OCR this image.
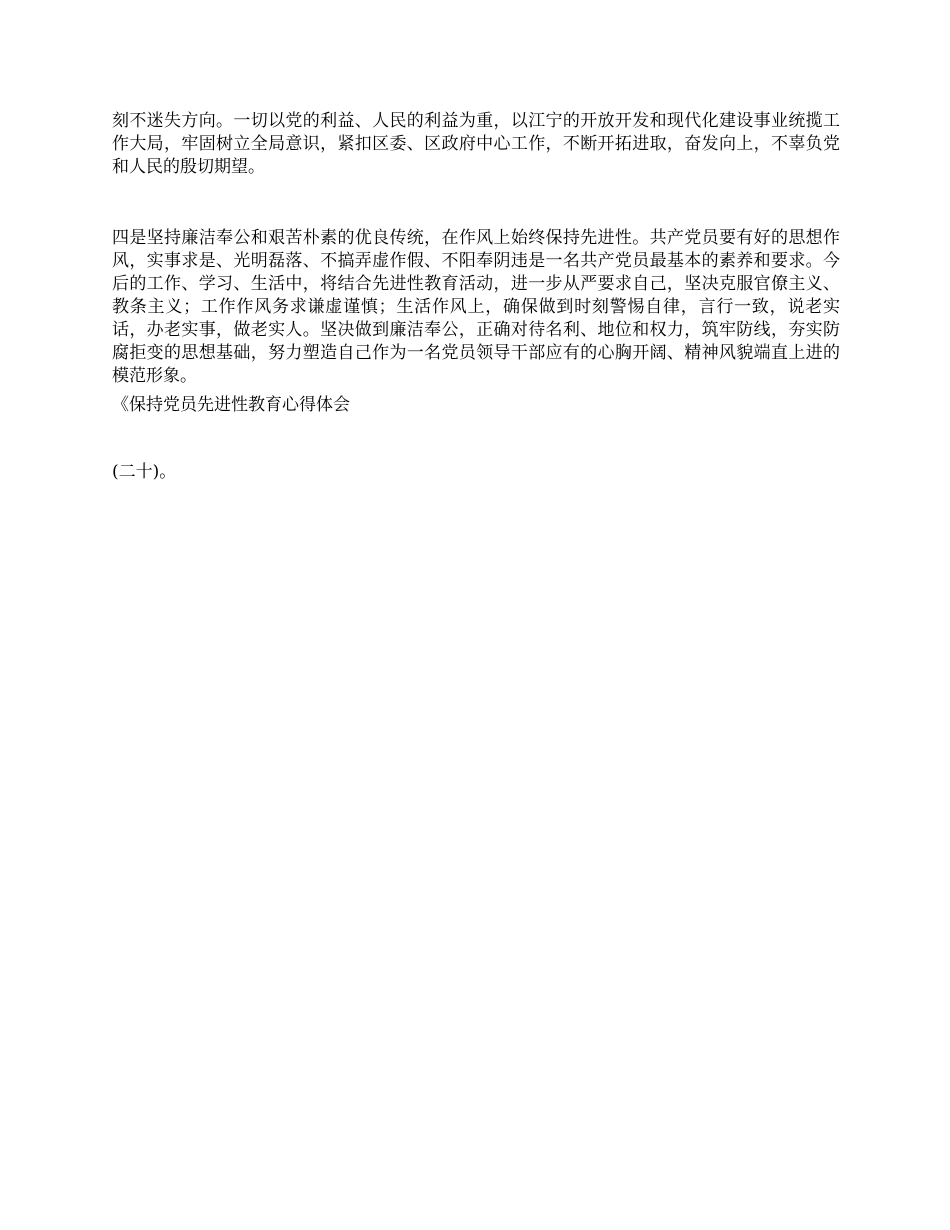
刻不迷失方向。一切以党的利益、人民的利益为重，以江宁的开放开发和现代化建设事业统揽工作大局，牢固树立全局意识，紧扣区委、区政府中心工作，不断开拓进取，奋发向上，不辜负党和人民的殷切期望。

四是坚持廉洁奉公和艰苦朴素的优良传统，在作风上始终保持先进性。共产党员要有好的思想作风，实事求是、光明磊落、不搞弄虚作假、不阳奉阴违是一名共产党员最基本的素养和要求。今后的工作、学习、生活中，将结合先进性教育活动，进一步从严要求自己，坚决克服官僚主义、教条主义；工作作风务求谦虚谨慎；生活作风上，确保做到时刻警惕自律，言行一致，说老实话，办老实事，做老实人。坚决做到廉洁奉公，正确对待名利、地位和权力，筑牢防线，夯实防腐拒变的思想基础，努力塑造自己作为一名党员领导干部应有的心胸开阔、精神风貌端直上进的模范形象。

《保持党员先进性教育心得体会

(二十)。
